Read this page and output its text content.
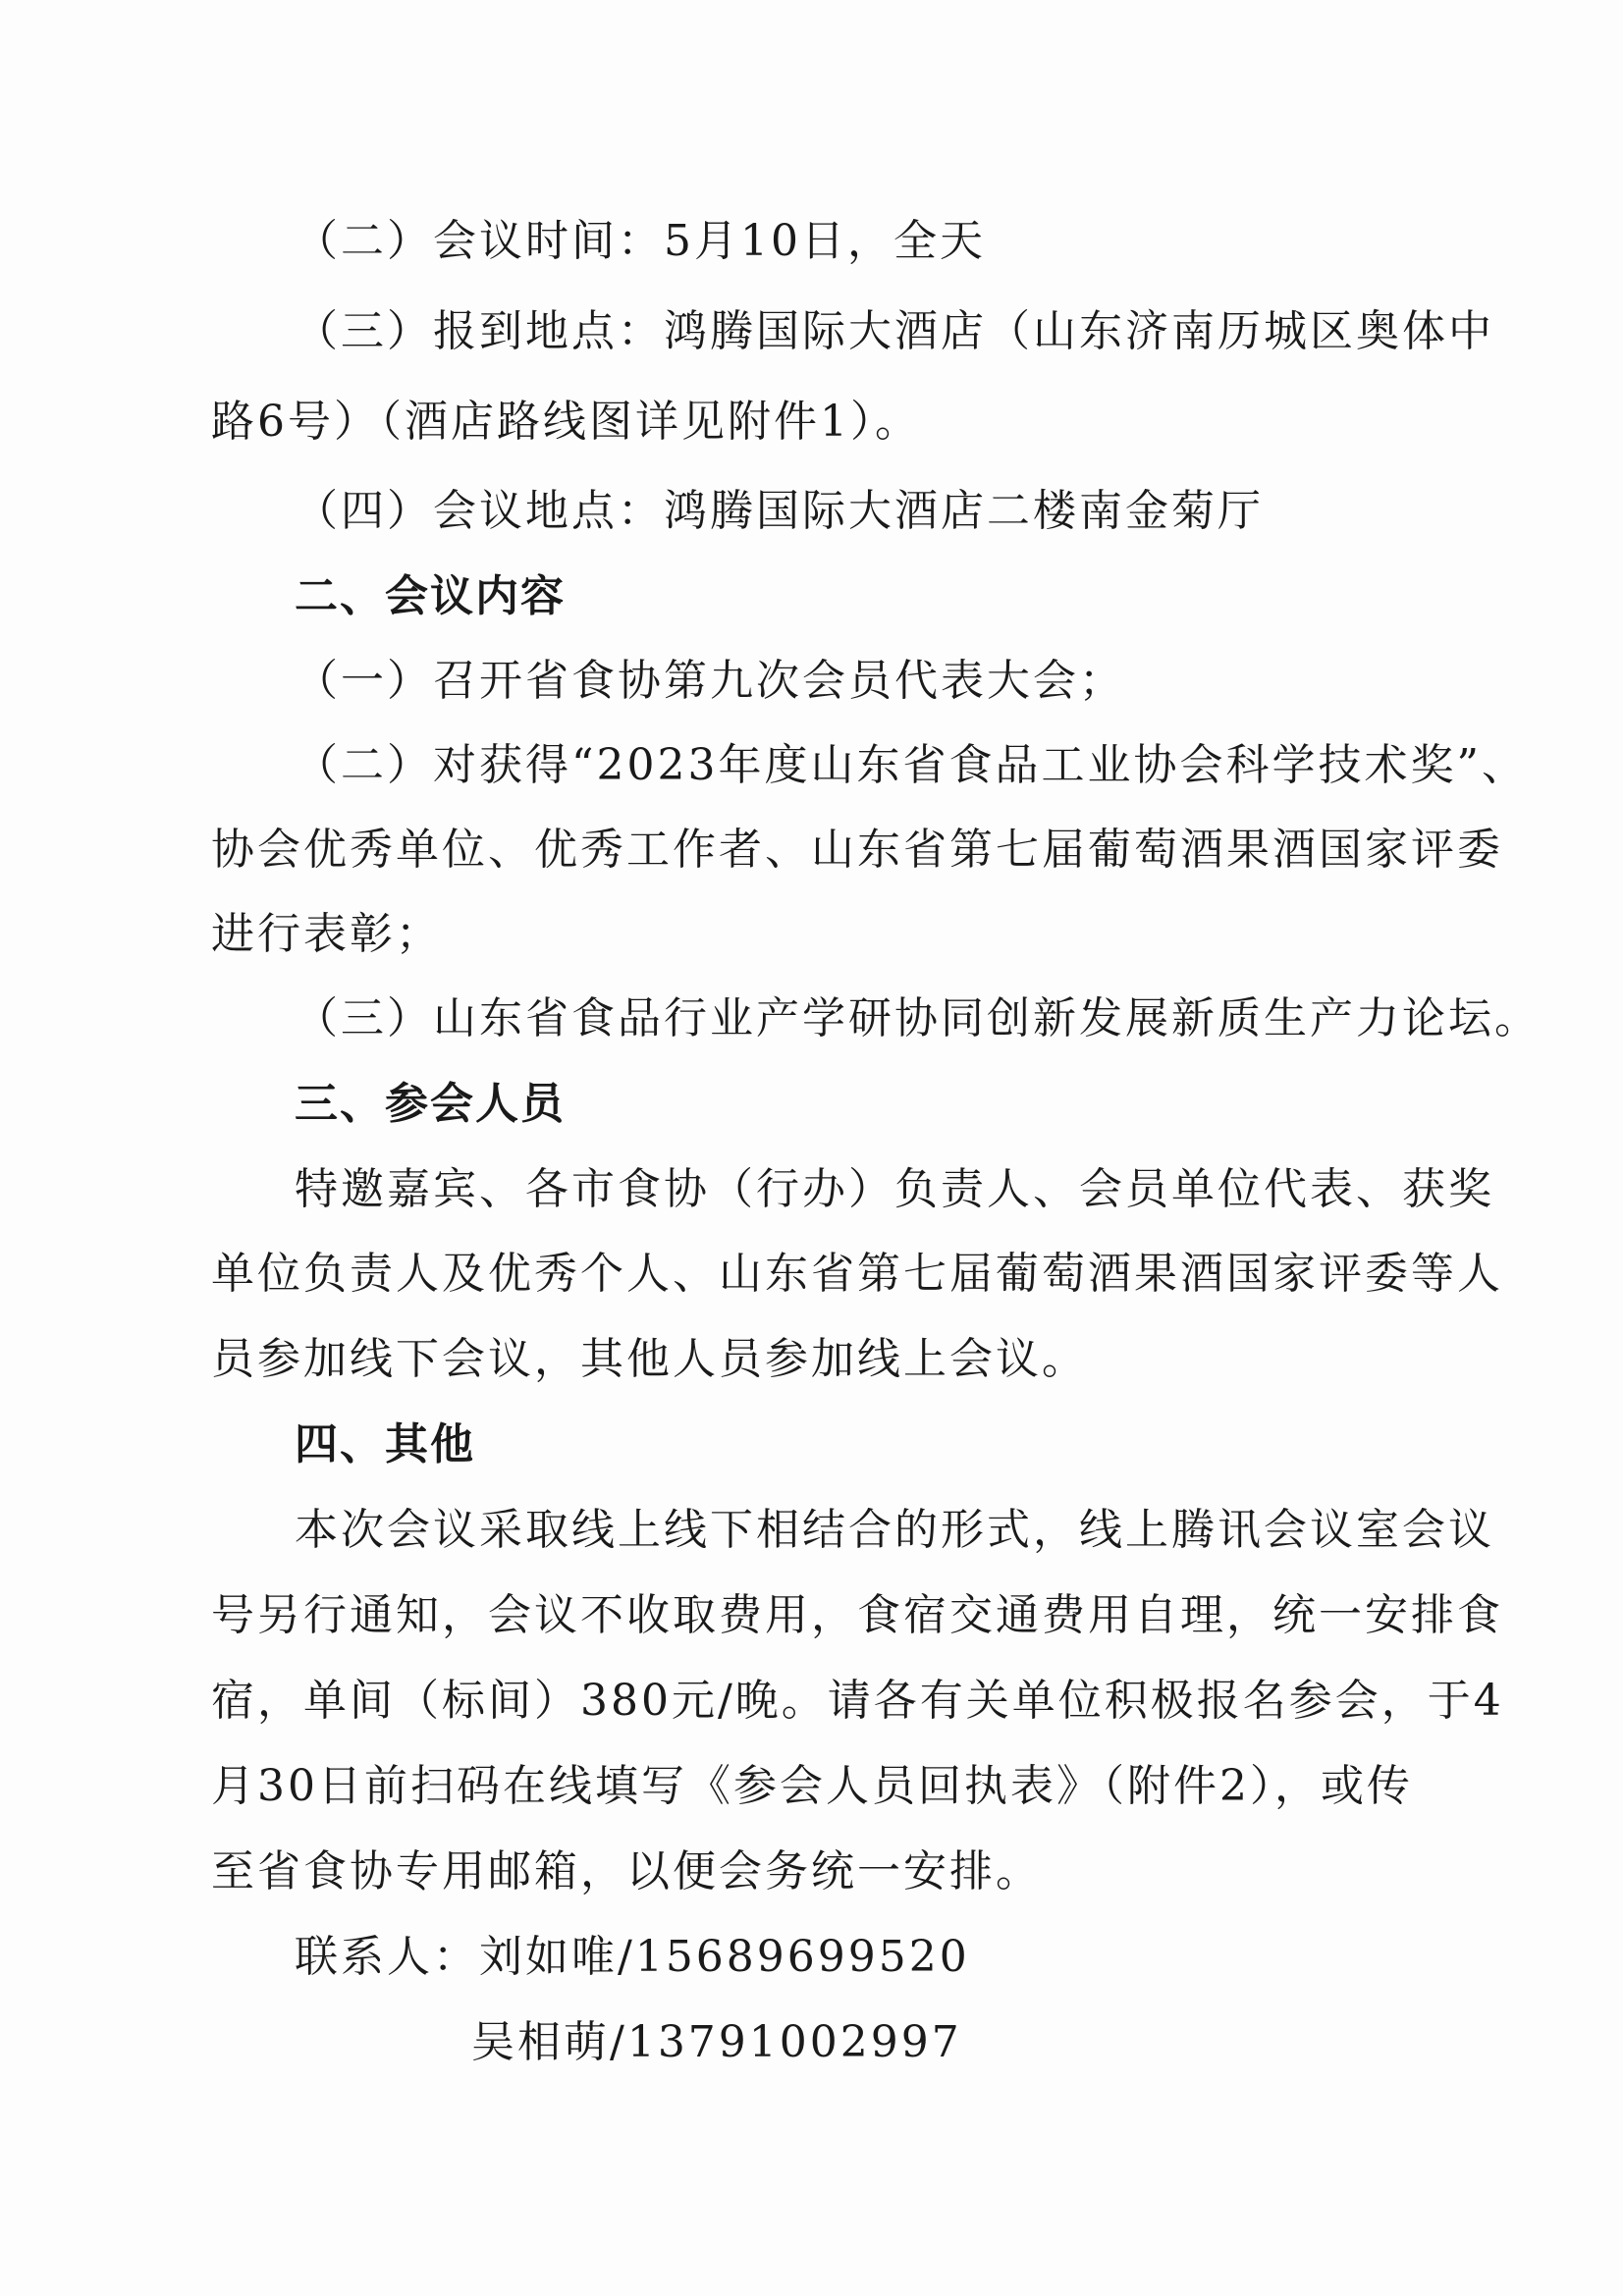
（二）会议时间：5月10日，全天
（三）报到地点：鸿腾国际大酒店（山东济南历城区奥体中
路6号）（酒店路线图详见附件1）。
（四）会议地点：鸿腾国际大酒店二楼南金菊厅
二、会议内容
（一）召开省食协第九次会员代表大会；
（二）对获得“2023年度山东省食品工业协会科学技术奖”、
协会优秀单位、优秀工作者、山东省第七届葡萄酒果酒国家评委
进行表彰；
（三）山东省食品行业产学研协同创新发展新质生产力论坛。
三、参会人员
特邀嘉宾、各市食协（行办）负责人、会员单位代表、获奖
单位负责人及优秀个人、山东省第七届葡萄酒果酒国家评委等人
员参加线下会议，其他人员参加线上会议。
四、其他
本次会议采取线上线下相结合的形式，线上腾讯会议室会议
号另行通知，会议不收取费用，食宿交通费用自理，统一安排食
宿，单间（标间）380元/晚。请各有关单位积极报名参会，于4
月30日前扫码在线填写《参会人员回执表》（附件2），或传
至省食协专用邮箱，以便会务统一安排。
联系人：刘如唯/15689699520
吴相萌/13791002997
